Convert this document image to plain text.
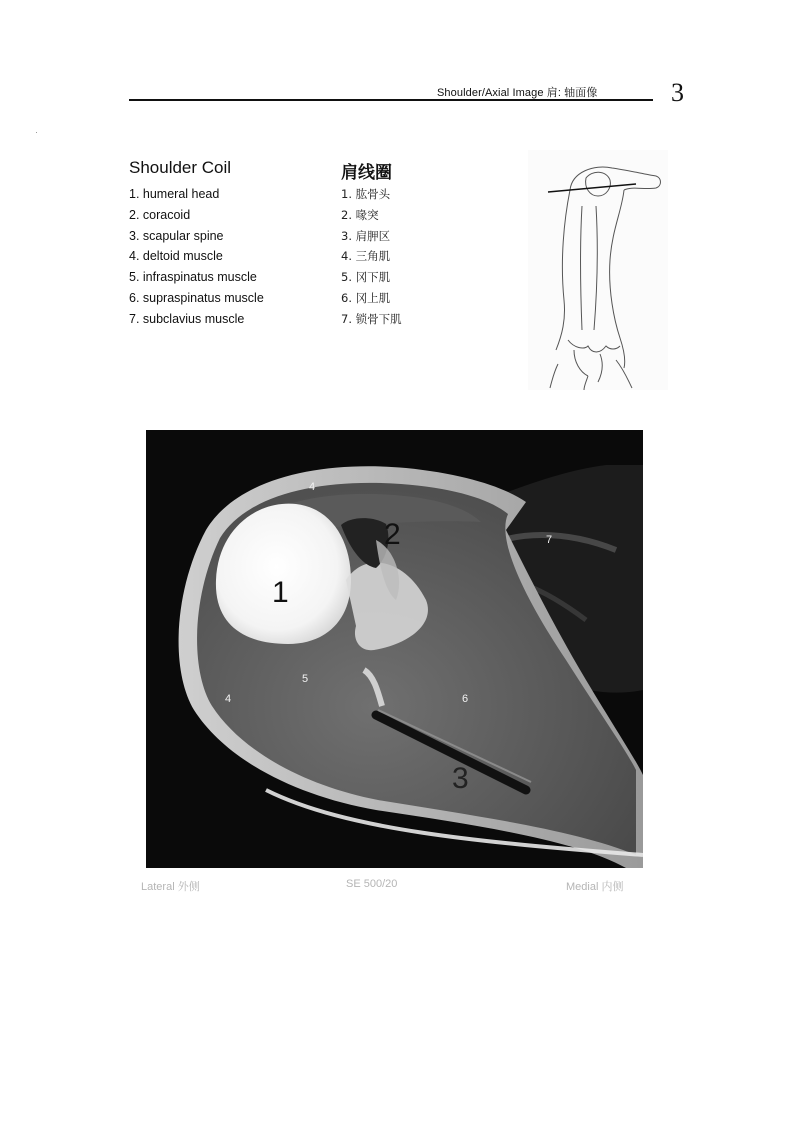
Shoulder/Axial Image 肩: 轴面像	3
Shoulder Coil	肩线圈
1. humeral head
2. coracoid
3. scapular spine
4. deltoid muscle
5. infraspinatus muscle
6. supraspinatus muscle
7. subclavius muscle
1. 肱骨头
2. 喙突
3. 肩胛区
4. 三角肌
5. 冈下肌
6. 冈上肌
7. 锁骨下肌
1
2
3
4
4
5
6
7
Lateral 外侧	SE 500/20	Medial 内侧
